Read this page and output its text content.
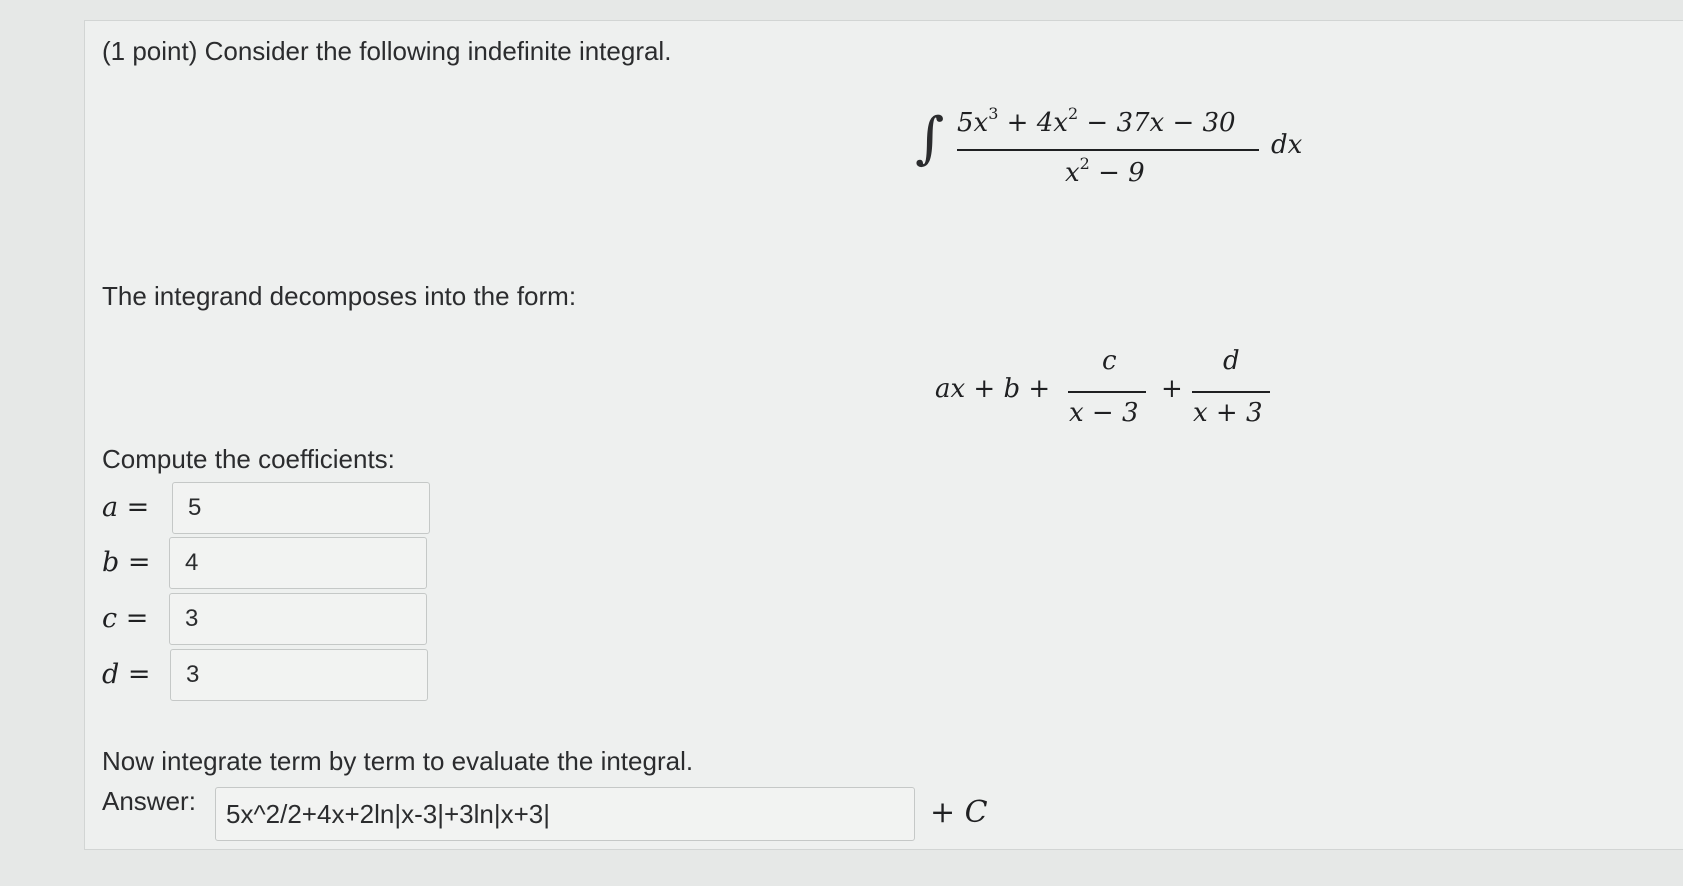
(1 point) Consider the following indefinite integral.
∫ $5x^3 + 4x^2 - 37x - 30$
$x^2 - 9$
dx
The integrand decomposes into the form:
ax + b +
c
x − 3
+
d
x + 3
Compute the coefficients:
a =	5
b =	4
c =	3
d =	3
Now integrate term by term to evaluate the integral.
Answer:	5x^2/2+4x+2ln|x-3|+3ln|x+3|	+ C
